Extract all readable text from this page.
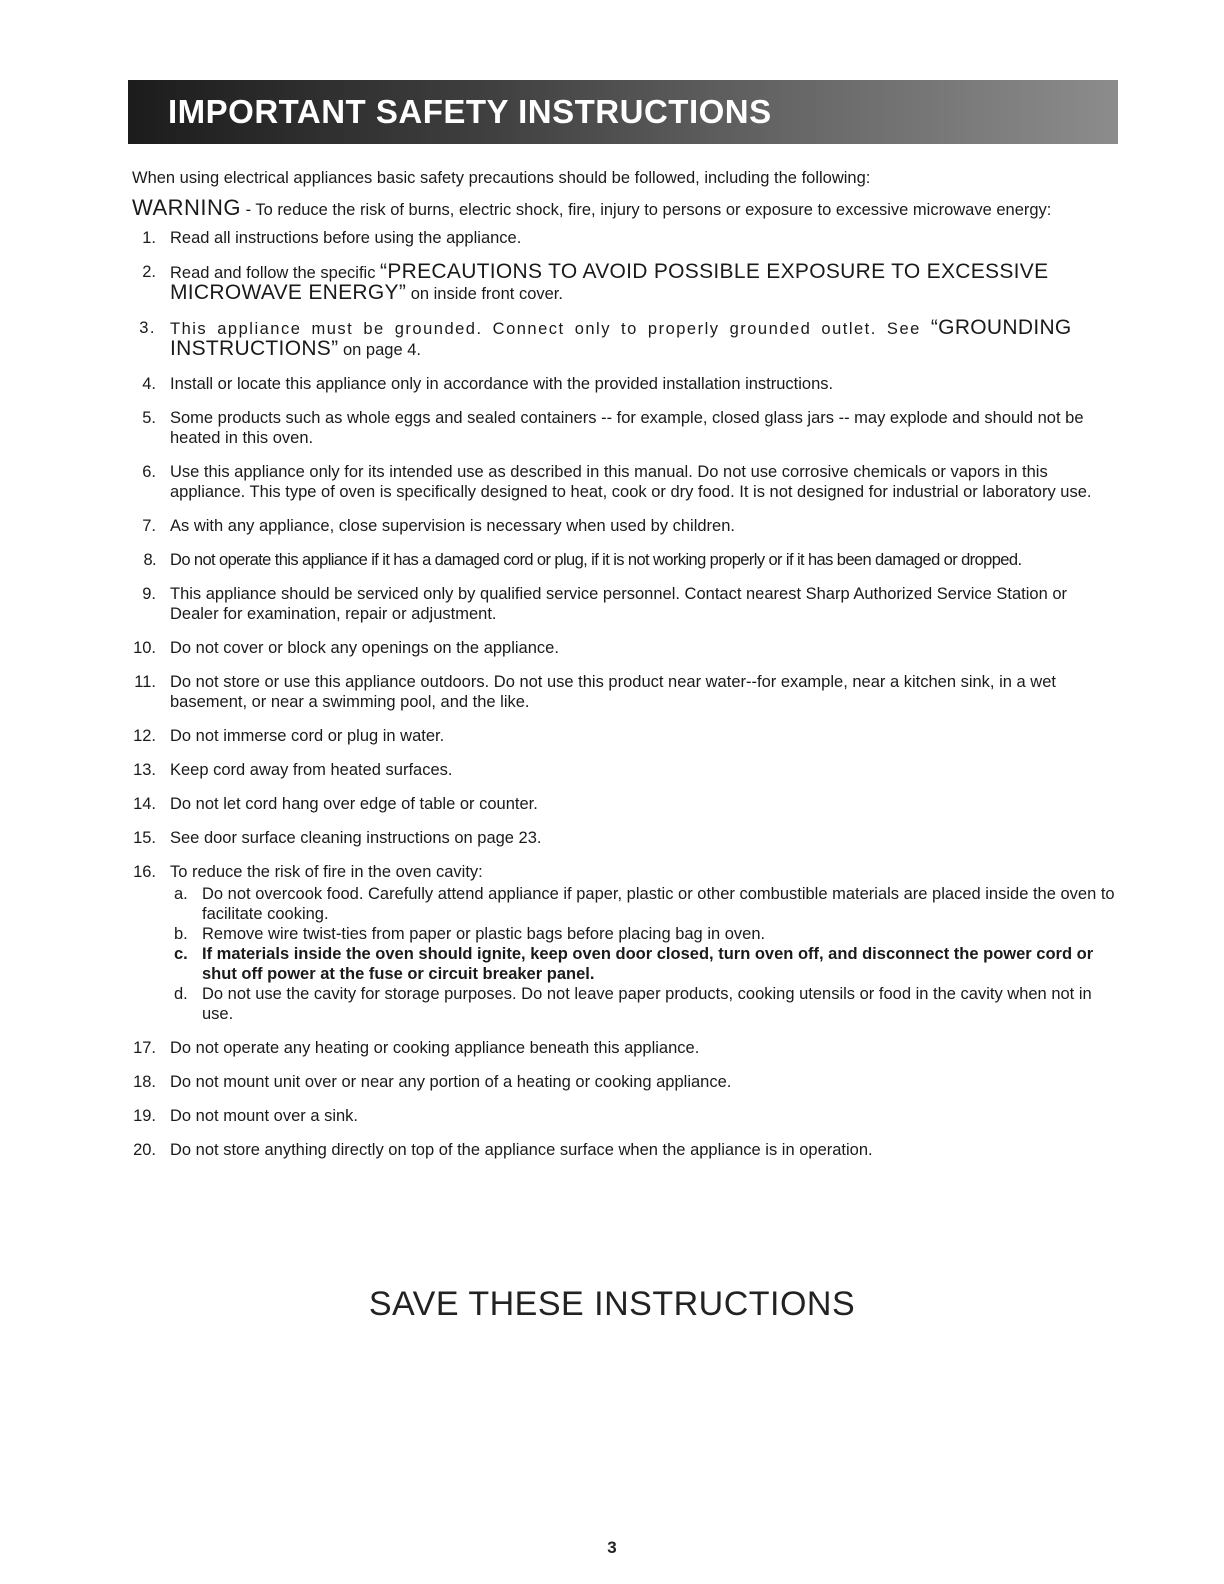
IMPORTANT SAFETY INSTRUCTIONS

When using electrical appliances basic safety precautions should be followed, including the following:

WARNING - To reduce the risk of burns, electric shock, fire, injury to persons or exposure to excessive microwave energy:

1. Read all instructions before using the appliance.
2. Read and follow the specific “PRECAUTIONS TO AVOID POSSIBLE EXPOSURE TO EXCESSIVE MICROWAVE ENERGY” on inside front cover.
3. This appliance must be grounded. Connect only to properly grounded outlet. See “GROUNDING INSTRUCTIONS” on page 4.
4. Install or locate this appliance only in accordance with the provided installation instructions.
5. Some products such as whole eggs and sealed containers -- for example, closed glass jars -- may explode and should not be heated in this oven.
6. Use this appliance only for its intended use as described in this manual. Do not use corrosive chemicals or vapors in this appliance. This type of oven is specifically designed to heat, cook or dry food. It is not designed for industrial or laboratory use.
7. As with any appliance, close supervision is necessary when used by children.
8. Do not operate this appliance if it has a damaged cord or plug, if it is not working properly or if it has been damaged or dropped.
9. This appliance should be serviced only by qualified service personnel. Contact nearest Sharp Authorized Service Station or Dealer for examination, repair or adjustment.
10. Do not cover or block any openings on the appliance.
11. Do not store or use this appliance outdoors. Do not use this product near water--for example, near a kitchen sink, in a wet basement, or near a swimming pool, and the like.
12. Do not immerse cord or plug in water.
13. Keep cord away from heated surfaces.
14. Do not let cord hang over edge of table or counter.
15. See door surface cleaning instructions on page 23.
16. To reduce the risk of fire in the oven cavity:
a. Do not overcook food. Carefully attend appliance if paper, plastic or other combustible materials are placed inside the oven to facilitate cooking.
b. Remove wire twist-ties from paper or plastic bags before placing bag in oven.
c. If materials inside the oven should ignite, keep oven door closed, turn oven off, and disconnect the power cord or shut off power at the fuse or circuit breaker panel.
d. Do not use the cavity for storage purposes. Do not leave paper products, cooking utensils or food in the cavity when not in use.
17. Do not operate any heating or cooking appliance beneath this appliance.
18. Do not mount unit over or near any portion of a heating or cooking appliance.
19. Do not mount over a sink.
20. Do not store anything directly on top of the appliance surface when the appliance is in operation.
SAVE THESE INSTRUCTIONS
3
